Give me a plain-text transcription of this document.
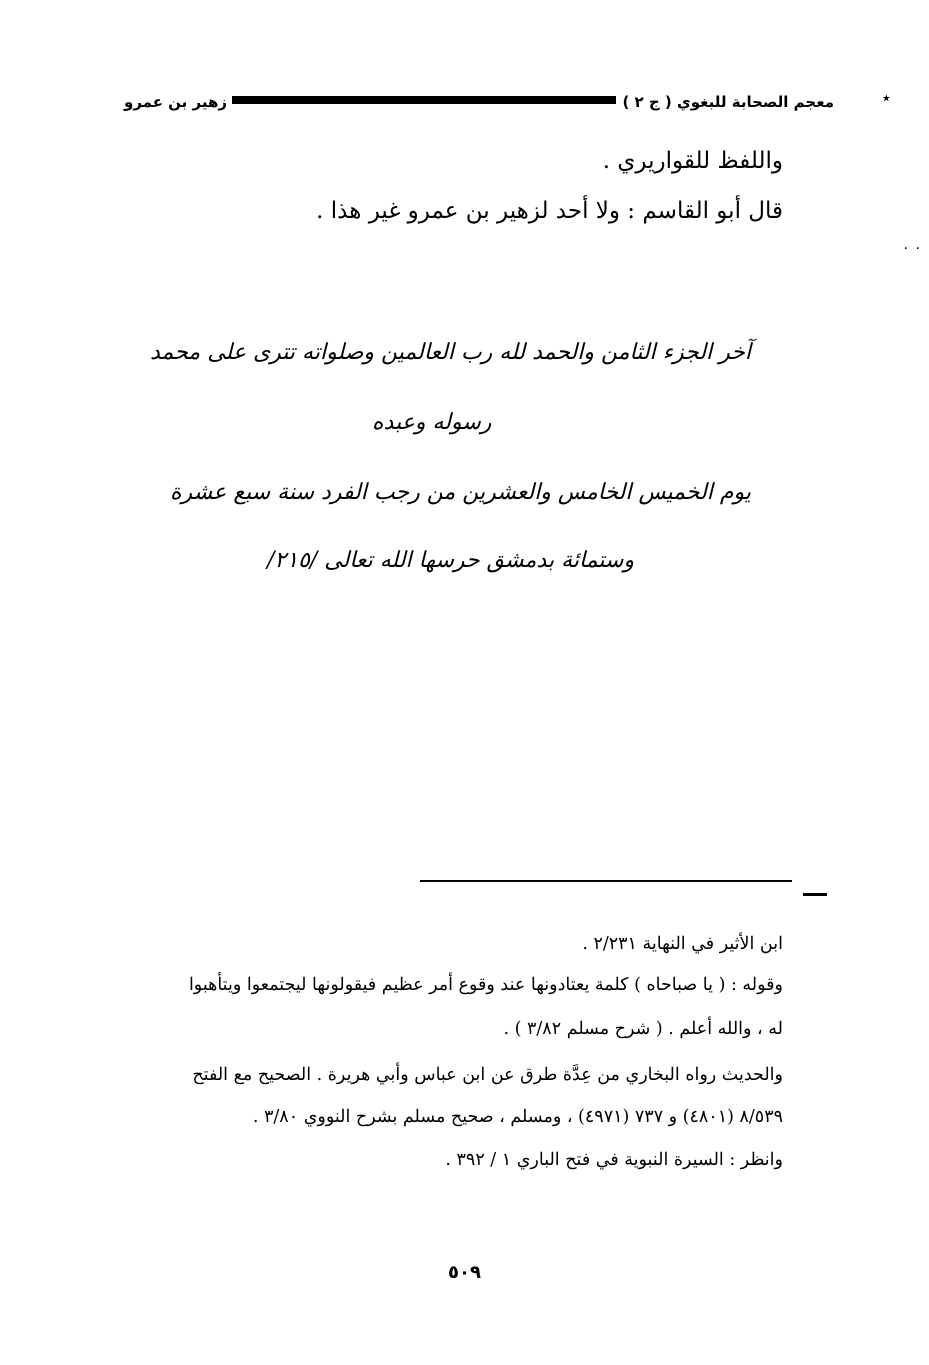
زهير بن عمرو	معجم الصحابة للبغوي ( ج ٢ )	٭
٠ ٠
واللفظ للقواريري .
قال أبو القاسم : ولا أحد لزهير بن عمرو غير هذا .
آخر الجزء الثامن والحمد لله رب العالمين وصلواته تترى على محمد
رسوله وعبده
يوم الخميس الخامس والعشرين من رجب الفرد سنة سبع عشرة
وستمائة بدمشق حرسها الله تعالى /٢١٥/
ابن الأثير في النهاية ٢/٢٣١ .
وقوله : ( يا صباحاه ) كلمة يعتادونها عند وقوع أمر عظيم فيقولونها ليجتمعوا ويتأهبوا
له ، والله أعلم . ( شرح مسلم ٣/٨٢ ) .
والحديث رواه البخاري من عِدَّة طرق عن ابن عباس وأبي هريرة . الصحيح مع الفتح
٨/٥٣٩ (٤٨٠١) و ٧٣٧ (٤٩٧١) ، ومسلم ، صحيح مسلم بشرح النووي ٣/٨٠ .
وانظر : السيرة النبوية في فتح الباري ١ / ٣٩٢ .
٥٠٩
